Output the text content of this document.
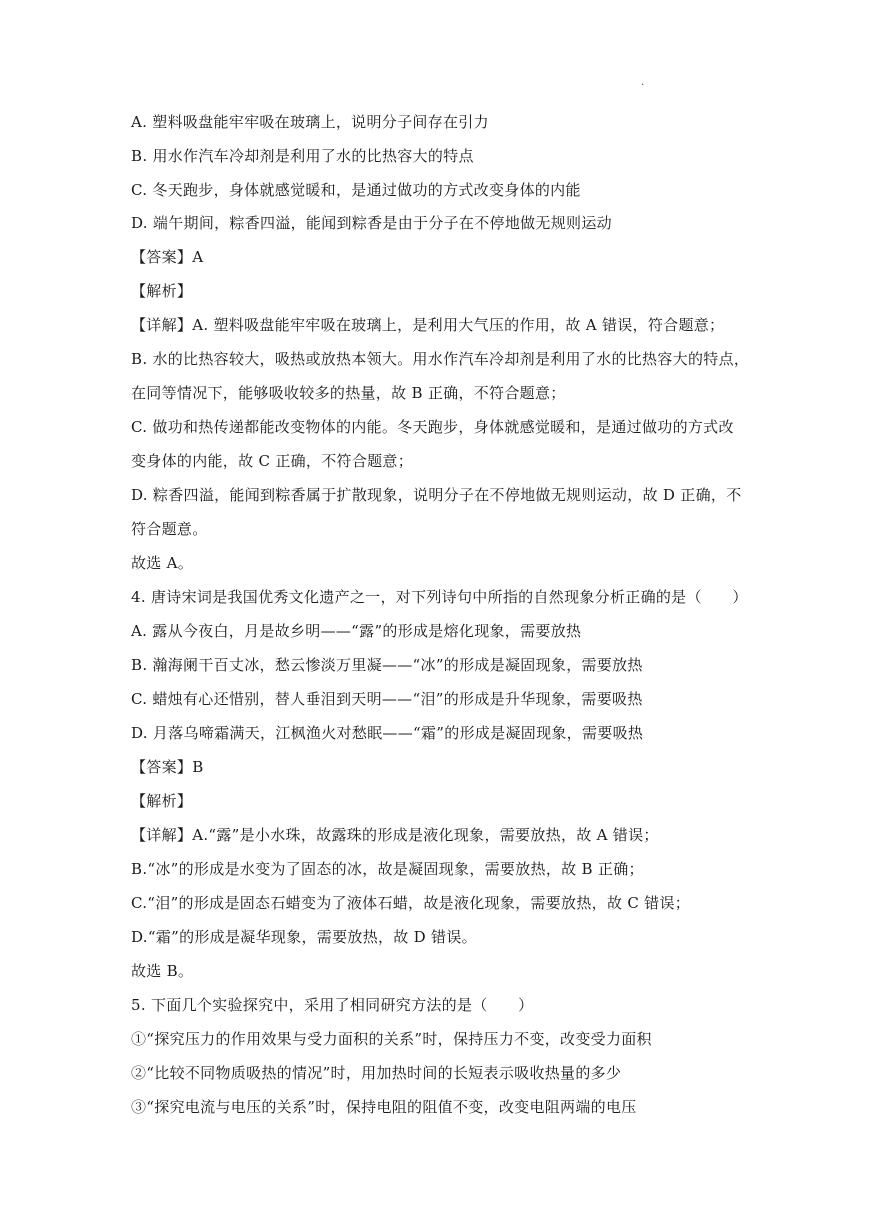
·
A. 塑料吸盘能牢牢吸在玻璃上，说明分子间存在引力
B. 用水作汽车冷却剂是利用了水的比热容大的特点
C. 冬天跑步，身体就感觉暖和，是通过做功的方式改变身体的内能
D. 端午期间，粽香四溢，能闻到粽香是由于分子在不停地做无规则运动
【答案】A
【解析】
【详解】A. 塑料吸盘能牢牢吸在玻璃上，是利用大气压的作用，故 A 错误，符合题意；
B. 水的比热容较大，吸热或放热本领大。用水作汽车冷却剂是利用了水的比热容大的特点，
在同等情况下，能够吸收较多的热量，故 B 正确，不符合题意；
C. 做功和热传递都能改变物体的内能。冬天跑步，身体就感觉暖和，是通过做功的方式改
变身体的内能，故 C 正确，不符合题意；
D. 粽香四溢，能闻到粽香属于扩散现象，说明分子在不停地做无规则运动，故 D 正确，不
符合题意。
故选 A。
4. 唐诗宋词是我国优秀文化遗产之一，对下列诗句中所指的自然现象分析正确的是（　　）
A. 露从今夜白，月是故乡明——“露”的形成是熔化现象，需要放热
B. 瀚海阑干百丈冰，愁云惨淡万里凝——“冰”的形成是凝固现象，需要放热
C. 蜡烛有心还惜别，替人垂泪到天明——“泪”的形成是升华现象，需要吸热
D. 月落乌啼霜满天，江枫渔火对愁眠——“霜”的形成是凝固现象，需要吸热
【答案】B
【解析】
【详解】A.“露”是小水珠，故露珠的形成是液化现象，需要放热，故 A 错误；
B.“冰”的形成是水变为了固态的冰，故是凝固现象，需要放热，故 B 正确；
C.“泪”的形成是固态石蜡变为了液体石蜡，故是液化现象，需要放热，故 C 错误；
D.“霜”的形成是凝华现象，需要放热，故 D 错误。
故选 B。
5. 下面几个实验探究中，采用了相同研究方法的是（　　）
①“探究压力的作用效果与受力面积的关系”时，保持压力不变，改变受力面积
②“比较不同物质吸热的情况”时，用加热时间的长短表示吸收热量的多少
③“探究电流与电压的关系”时，保持电阻的阻值不变，改变电阻两端的电压
